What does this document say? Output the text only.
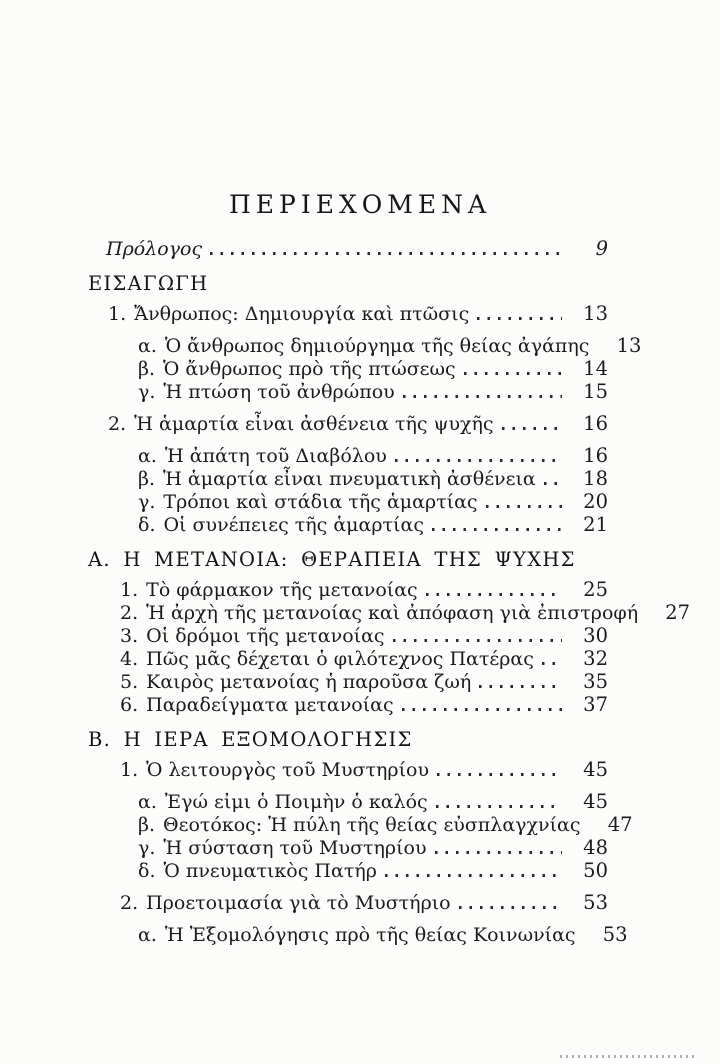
ΠΕΡΙΕΧΟΜΕΝΑ
Πρόλογος	9
ΕΙΣΑΓΩΓΗ
1. Ἄνθρωπος: Δημιουργία καὶ πτῶσις	13
α. Ὁ ἄνθρωπος δημιούργημα τῆς θείας ἀγάπης	13
β. Ὁ ἄνθρωπος πρὸ τῆς πτώσεως	14
γ. Ἡ πτώση τοῦ ἀνθρώπου	15
2. Ἡ ἁμαρτία εἶναι ἀσθένεια τῆς ψυχῆς	16
α. Ἡ ἀπάτη τοῦ Διαβόλου	16
β. Ἡ ἁμαρτία εἶναι πνευματικὴ ἀσθένεια	18
γ. Τρόποι καὶ στάδια τῆς ἁμαρτίας	20
δ. Οἱ συνέπειες τῆς ἁμαρτίας	21
Α. Η ΜΕΤΑΝΟΙΑ: ΘΕΡΑΠΕΙΑ ΤΗΣ ΨΥΧΗΣ
1. Τὸ φάρμακον τῆς μετανοίας	25
2. Ἡ ἀρχὴ τῆς μετανοίας καὶ ἀπόφαση γιὰ ἐπιστροφή	27
3. Οἱ δρόμοι τῆς μετανοίας	30
4. Πῶς μᾶς δέχεται ὁ φιλότεχνος Πατέρας	32
5. Καιρὸς μετανοίας ἡ παροῦσα ζωή	35
6. Παραδείγματα μετανοίας	37
Β. Η ΙΕΡΑ ΕΞΟΜΟΛΟΓΗΣΙΣ
1. Ὁ λειτουργὸς τοῦ Μυστηρίου	45
α. Ἐγώ εἰμι ὁ Ποιμὴν ὁ καλός	45
β. Θεοτόκος: Ἡ πύλη τῆς θείας εὐσπλαγχνίας	47
γ. Ἡ σύσταση τοῦ Μυστηρίου	48
δ. Ὁ πνευματικὸς Πατήρ	50
2. Προετοιμασία γιὰ τὸ Μυστήριο	53
α. Ἡ Ἐξομολόγησις πρὸ τῆς θείας Κοινωνίας	53
